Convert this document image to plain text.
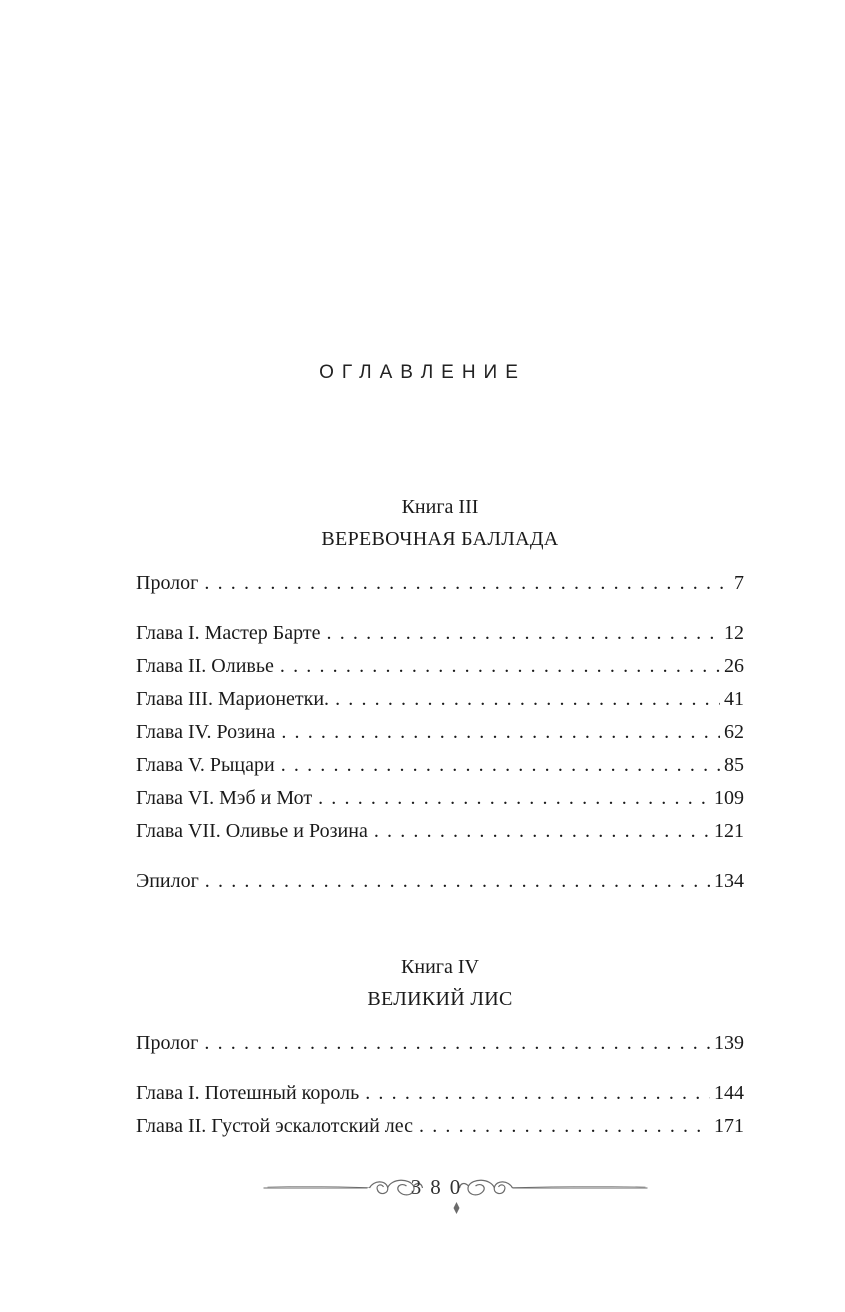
ОГЛАВЛЕНИЕ
Книга III
ВЕРЕВОЧНАЯ БАЛЛАДА
Пролог . . .	7
Глава I. Мастер Барте . . .	12
Глава II. Оливье . . .	26
Глава III. Марионетки. . . .	41
Глава IV. Розина . . .	62
Глава V. Рыцари . . .	85
Глава VI. Мэб и Мот . . .	109
Глава VII. Оливье и Розина . . .	121
Эпилог . . .	134
Книга IV
ВЕЛИКИЙ ЛИС
Пролог . . .	139
Глава I. Потешный король . . .	144
Глава II. Густой эскалотский лес . . .	171
380
